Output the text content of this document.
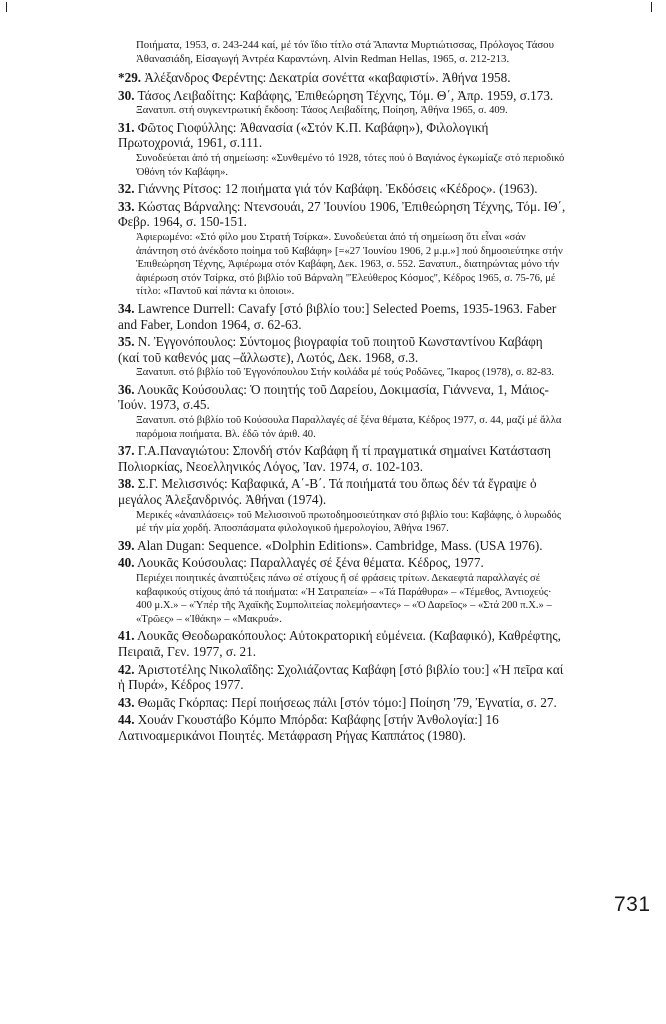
Ποιήματα, 1953, σ. 243-244 καί, μέ τόν ἴδιο τίτλο στά Ἅπαντα Μυρτιώτισσας, Πρόλογος Τάσου Ἀθανασιάδη, Εἰσαγωγή Ἀντρέα Καραντώνη. Alvin Redman Hellas, 1965, σ. 212-213.
*29. Ἀλέξανδρος Φερέντης: Δεκατρία σονέττα «καβαφιστί». Ἀθήνα 1958.
30. Τάσος Λειβαδίτης: Καβάφης, Ἐπιθεώρηση Τέχνης, Τόμ. Θ΄, Ἀπρ. 1959, σ.173.
Ξανατυπ. στή συγκεντρωτική ἔκδοση: Τάσος Λειβαδίτης, Ποίηση, Ἀθήνα 1965, σ. 409.
31. Φῶτος Γιοφύλλης: Ἀθανασία («Στόν Κ.Π. Καβάφη»), Φιλολογική Πρωτοχρονιά, 1961, σ.111.
Συνοδεύεται ἀπό τή σημείωση: «Συνθεμένο τό 1928, τότες πού ὁ Βαγιάνος ἐγκωμίαζε στό περιοδικό Ὀθόνη τόν Καβάφη».
32. Γιάννης Ρίτσος: 12 ποιήματα γιά τόν Καβάφη. Ἐκδόσεις «Κέδρος». (1963).
33. Κώστας Βάρναλης: Ντενσουάι, 27 Ἰουνίου 1906, Ἐπιθεώρηση Τέχνης, Τόμ. ΙΘ΄, Φεβρ. 1964, σ. 150-151.
Ἀφιερωμένο: «Στό φίλο μου Στρατή Τσίρκα». Συνοδεύεται ἀπό τή σημείωση ὅτι εἶναι «σάν ἀπάντηση στό ἀνέκδοτο ποίημα τοῦ Καβάφη» [=«27 Ἰουνίου 1906, 2 μ.μ.»] πού δημοσιεύτηκε στήν Ἐπιθεώρηση Τέχνης, Ἀφιέρωμα στόν Καβάφη, Δεκ. 1963, σ. 552. Ξανατυπ., διατηρώντας μόνο τήν ἀφιέρωση στόν Τσίρκα, στό βιβλίο τοῦ Βάρναλη "Ἐλεύθερος Κόσμος", Κέδρος 1965, σ. 75-76, μέ τίτλο: «Παντοῦ καί πάντα κι ὁποιοι».
34. Lawrence Durrell: Cavafy [στό βιβλίο του:] Selected Poems, 1935-1963. Faber and Faber, London 1964, σ. 62-63.
35. Ν. Ἐγγονόπουλος: Σύντομος βιογραφία τοῦ ποιητοῦ Κωνσταντίνου Καβάφη (καί τοῦ καθενός μας –ἄλλωστε), Λωτός, Δεκ. 1968, σ.3.
Ξανατυπ. στό βιβλίο τοῦ Ἐγγονόπουλου Στήν κοιλάδα μέ τούς Ροδῶνες, Ἴκαρος (1978), σ. 82-83.
36. Λουκᾶς Κούσουλας: Ὁ ποιητής τοῦ Δαρείου, Δοκιμασία, Γιάννενα, 1, Μάιος-Ἰούν. 1973, σ.45.
Ξανατυπ. στό βιβλίο τοῦ Κούσουλα Παραλλαγές σέ ξένα θέματα, Κέδρος 1977, σ. 44, μαζί μέ ἄλλα παρόμοια ποιήματα. Βλ. ἐδῶ τόν ἀριθ. 40.
37. Γ.Α.Παναγιώτου: Σπονδή στόν Καβάφη ἤ τί πραγματικά σημαίνει Κατάσταση Πολιορκίας, Νεοελληνικός Λόγος, Ἰαν. 1974, σ. 102-103.
38. Σ.Γ. Μελισσινός: Καβαφικά, Α΄-Β΄. Τά ποιήματά του ὅπως δέν τά ἔγραψε ὁ μεγάλος Ἀλεξανδρινός. Ἀθήναι (1974).
Μερικές «ἀναπλάσεις» τοῦ Μελισσινοῦ πρωτοδημοσιεύτηκαν στό βιβλίο του: Καβάφης, ὁ λυρωδός μέ τήν μία χορδή. Ἀποσπάσματα φιλολογικοῦ ἡμερολογίου, Ἀθήνα 1967.
39. Alan Dugan: Sequence. «Dolphin Editions». Cambridge, Mass. (USA 1976).
40. Λουκᾶς Κούσουλας: Παραλλαγές σέ ξένα θέματα. Κέδρος, 1977.
Περιέχει ποιητικές ἀναπτύξεις πάνω σέ στίχους ἤ σέ φράσεις τρίτων. Δεκαεφτά παραλλαγές σέ καβαφικούς στίχους ἀπό τά ποιήματα: «Ἡ Σατραπεία» – «Τά Παράθυρα» – «Τέμεθος, Ἀντιοχεύς· 400 μ.Χ.» – «Ὑπέρ τῆς Ἀχαϊκῆς Συμπολιτείας πολεμήσαντες» – «Ὁ Δαρεῖος» – «Στά 200 π.Χ.» – «Τρῶες» – «Ἰθάκη» – «Μακρυά».
41. Λουκᾶς Θεοδωρακόπουλος: Αὐτοκρατορική εὐμένεια. (Καβαφικό), Καθρέφτης, Πειραιᾶ, Γεν. 1977, σ. 21.
42. Ἀριστοτέλης Νικολαΐδης: Σχολιάζοντας Καβάφη [στό βιβλίο του:] «Ἡ πεῖρα καί ἡ Πυρά», Κέδρος 1977.
43. Θωμᾶς Γκόρπας: Περί ποιήσεως πάλι [στόν τόμο:] Ποίηση '79, Ἐγνατία, σ. 27.
44. Χουάν Γκουστάβο Κόμπο Μπόρδα: Καβάφης [στήν Ἀνθολογία:] 16 Λατινοαμερικάνοι Ποιητές. Μετάφραση Ρήγας Καππάτος (1980).
731
